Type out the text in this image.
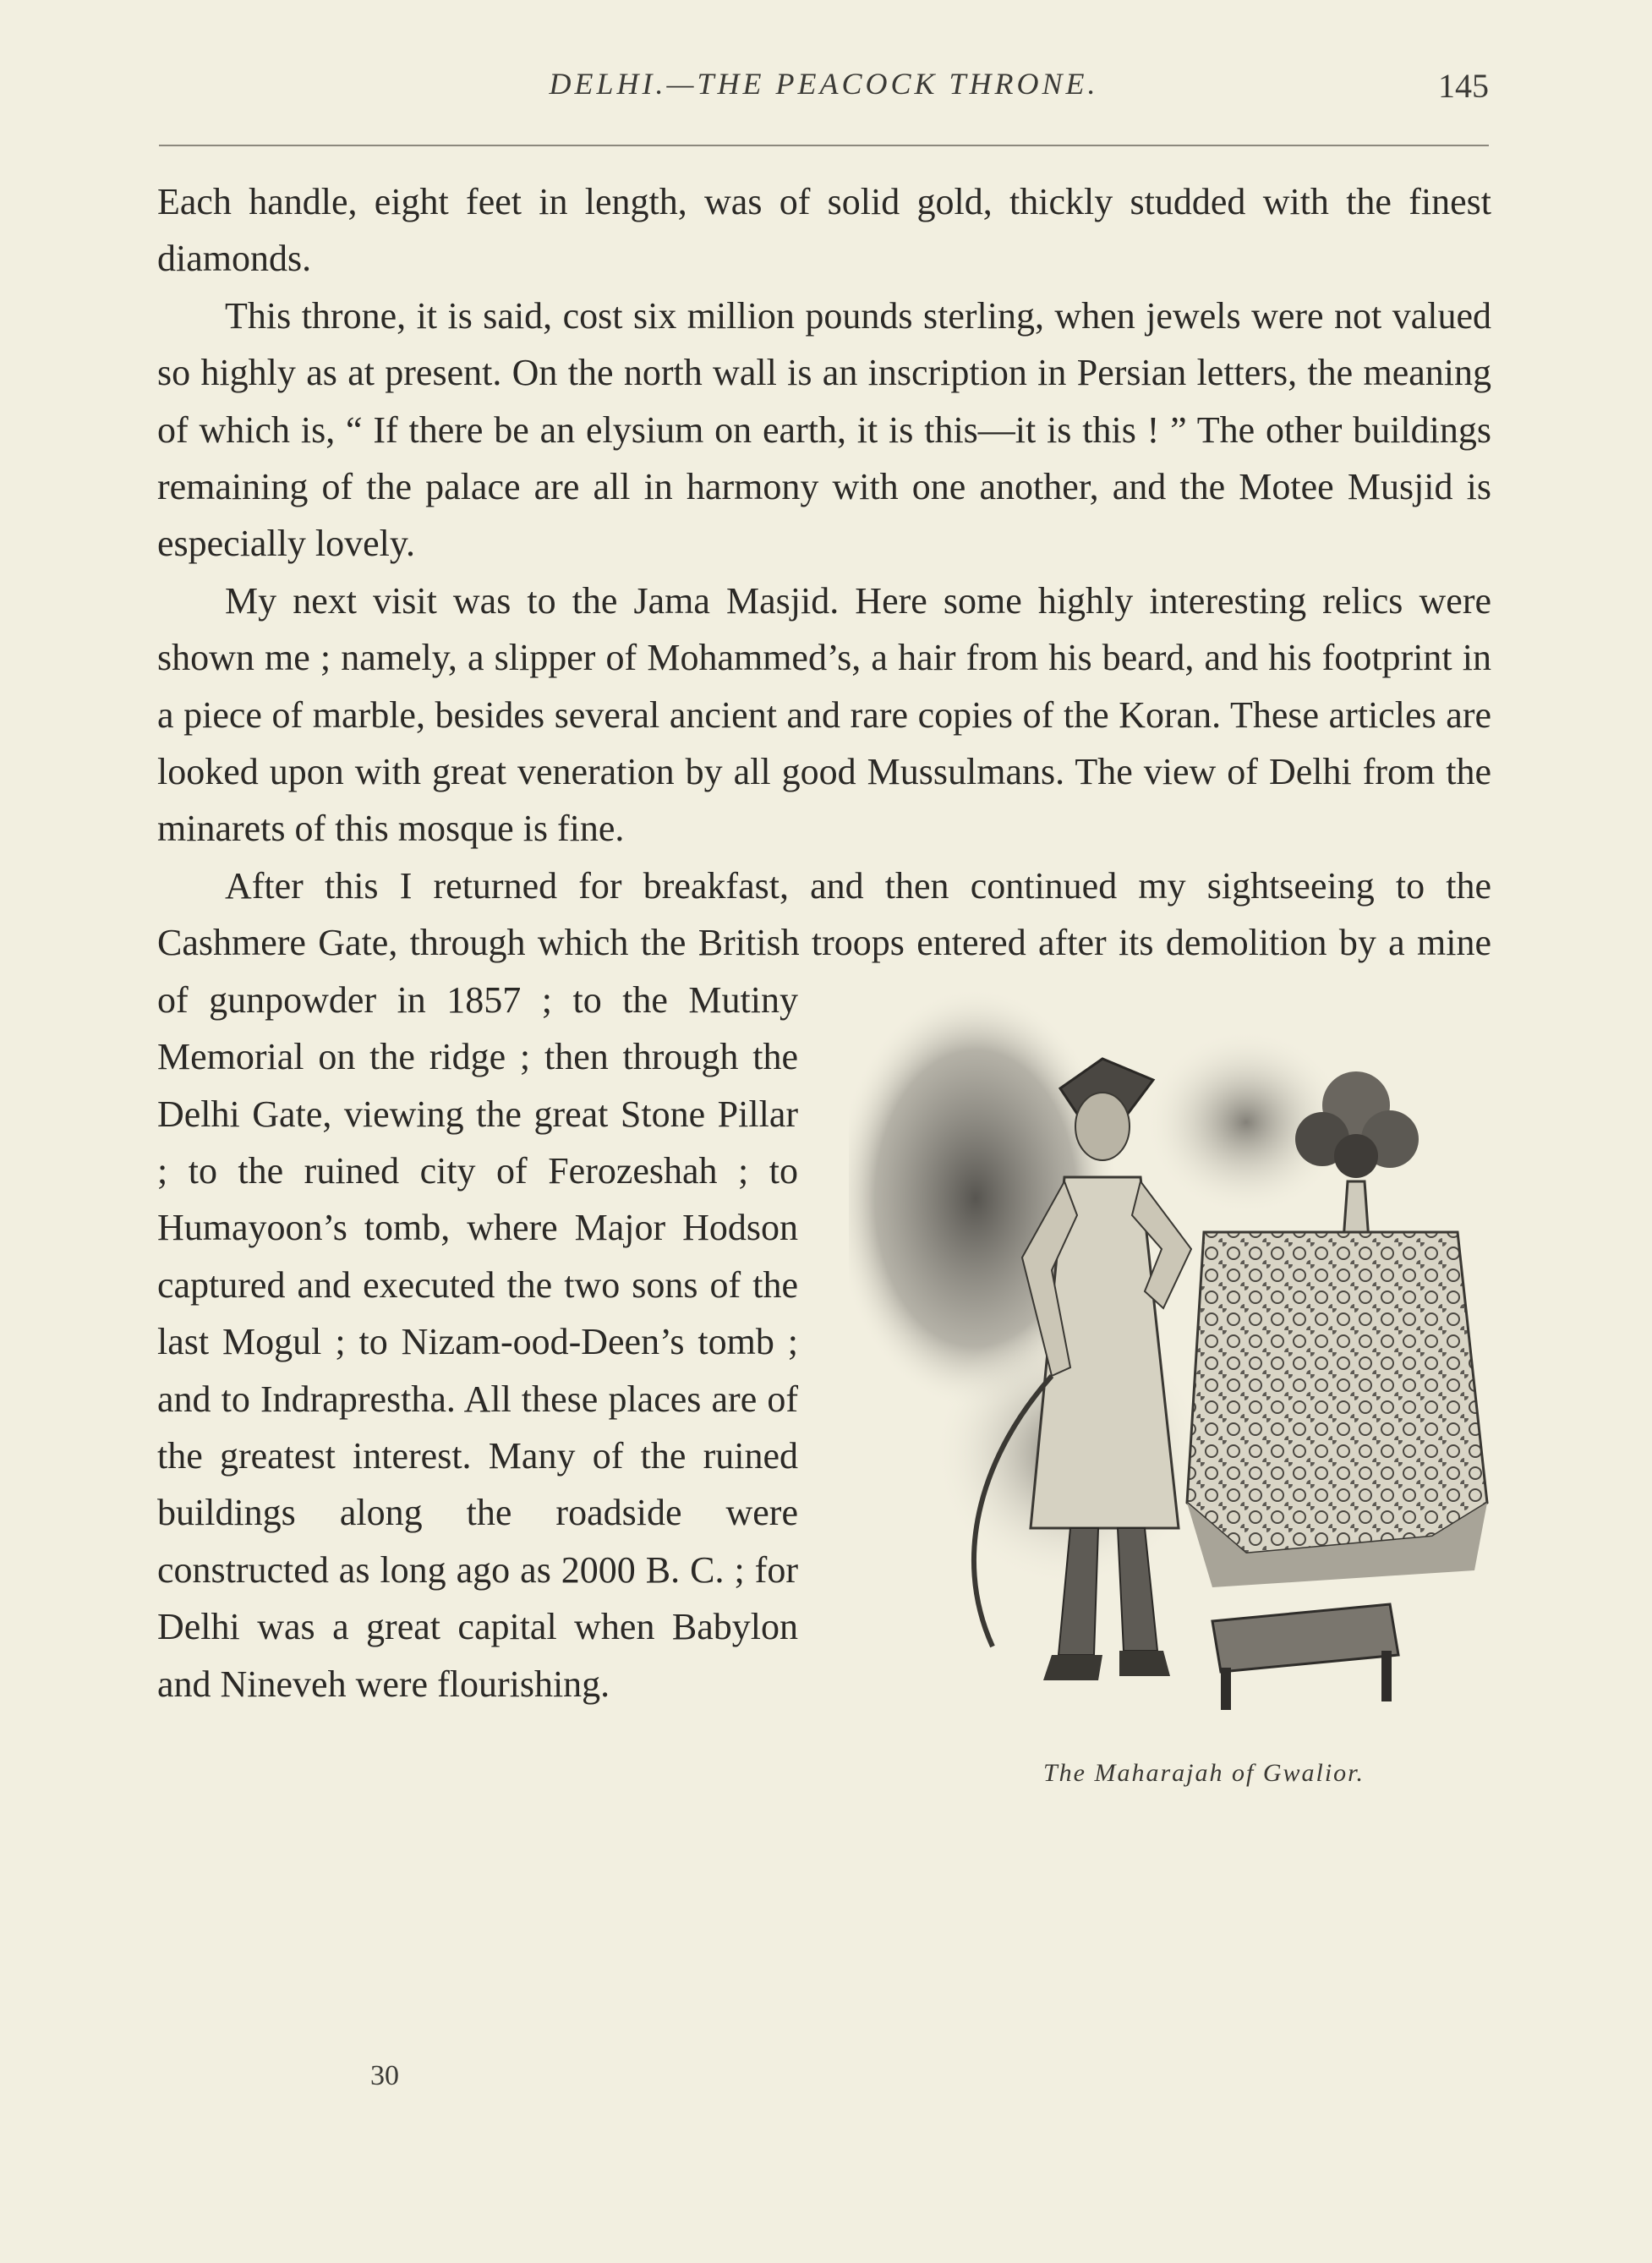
DELHI.—THE PEACOCK THRONE.	145

Each handle, eight feet in length, was of solid gold, thickly studded with the finest diamonds.

This throne, it is said, cost six million pounds sterling, when jewels were not valued so highly as at present. On the north wall is an inscription in Persian letters, the meaning of which is, “ If there be an elysium on earth, it is this—it is this ! ” The other buildings remaining of the palace are all in harmony with one another, and the Motee Musjid is especially lovely.

My next visit was to the Jama Masjid. Here some highly interesting relics were shown me ; namely, a slipper of Mohammed’s, a hair from his beard, and his footprint in a piece of marble, besides several ancient and rare copies of the Koran. These articles are looked upon with great veneration by all good Mussulmans. The view of Delhi from the minarets of this mosque is fine.

After this I returned for breakfast, and then continued my sightseeing to the Cashmere Gate, through which the British troops
The Maharajah of Gwalior.
entered after its demolition by a mine of gunpowder in 1857 ; to the Mutiny Memorial on the ridge ; then through the Delhi Gate, viewing the great Stone Pillar ; to the ruined city of Ferozeshah ; to Humayoon’s tomb, where Major Hodson captured and executed the two sons of the last Mogul ; to Nizam-ood-Deen’s tomb ; and to Indraprestha. All these places are of the greatest interest. Many of the ruined buildings along the roadside were constructed as long ago as 2000 B. C. ; for Delhi was a great capital when Babylon and Nineveh were flourishing.

30
